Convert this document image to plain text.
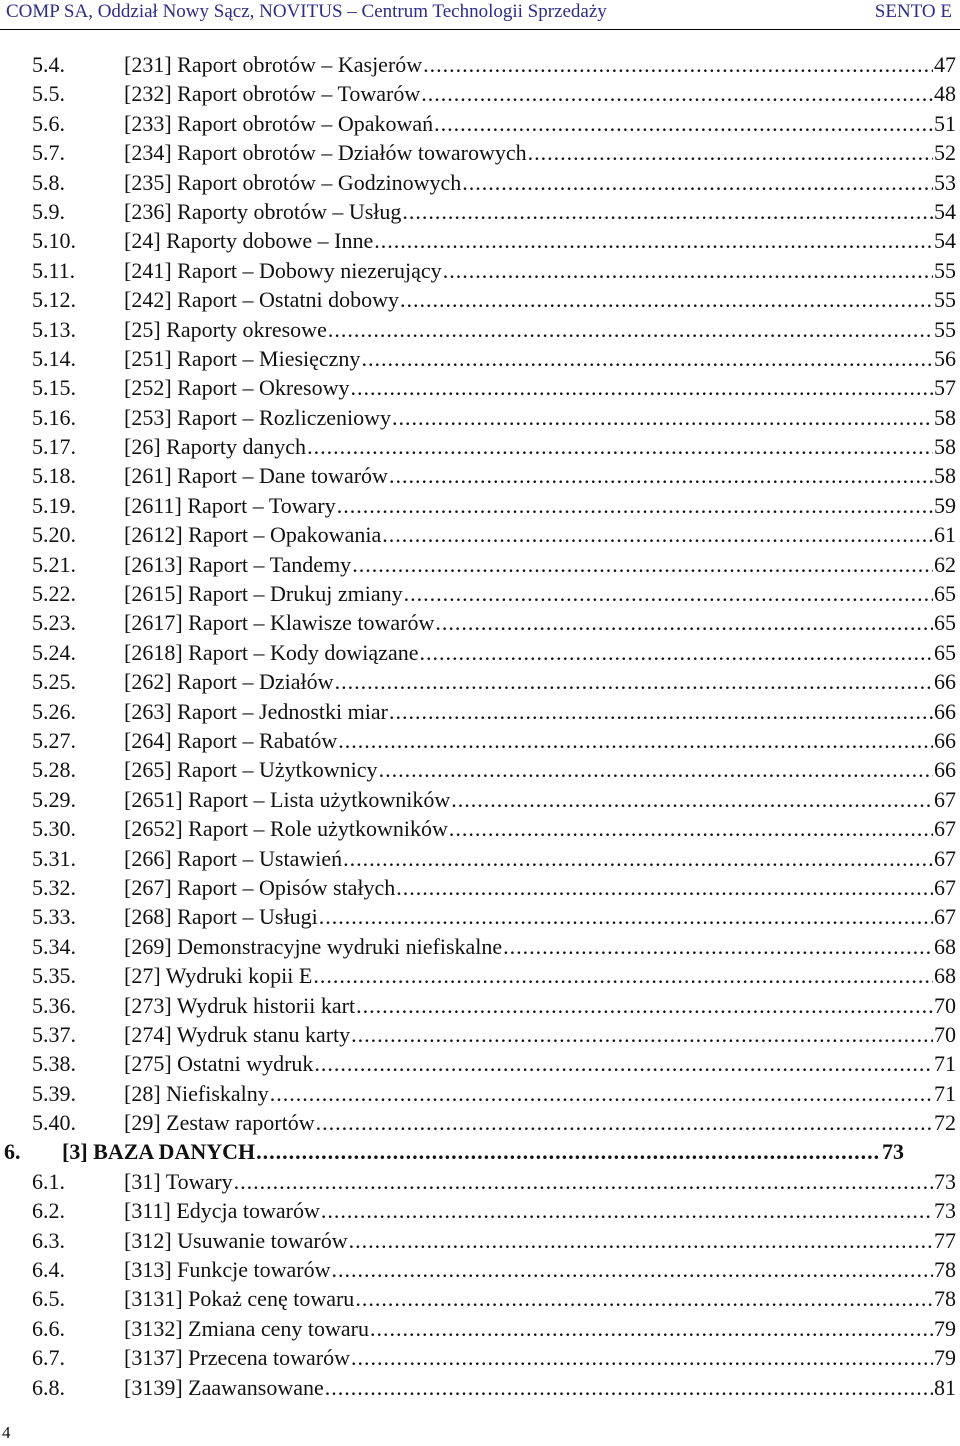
COMP SA, Oddział Nowy Sącz, NOVITUS – Centrum Technologii Sprzedaży	SENTO E
5.4.	[231] Raport obrotów – Kasjerów .....	47
5.5.	[232] Raport obrotów – Towarów .....	48
5.6.	[233] Raport obrotów – Opakowań .....	51
5.7.	[234] Raport obrotów – Działów towarowych .....	52
5.8.	[235] Raport obrotów – Godzinowych .....	53
5.9.	[236] Raporty obrotów – Usług .....	54
5.10. [24] Raporty dobowe – Inne .....	54
5.11. [241] Raport – Dobowy niezerujący .....	55
5.12. [242] Raport – Ostatni dobowy .....	55
5.13. [25] Raporty okresowe .....	55
5.14. [251] Raport – Miesięczny .....	56
5.15. [252] Raport – Okresowy .....	57
5.16. [253] Raport – Rozliczeniowy .....	58
5.17. [26] Raporty danych .....	58
5.18. [261] Raport – Dane towarów .....	58
5.19. [2611] Raport – Towary .....	59
5.20. [2612] Raport – Opakowania .....	61
5.21. [2613] Raport – Tandemy .....	62
5.22. [2615] Raport – Drukuj zmiany .....	65
5.23. [2617] Raport – Klawisze towarów .....	65
5.24. [2618] Raport – Kody dowiązane .....	65
5.25. [262] Raport – Działów .....	66
5.26. [263] Raport – Jednostki miar .....	66
5.27. [264] Raport – Rabatów .....	66
5.28. [265] Raport – Użytkownicy .....	66
5.29. [2651] Raport – Lista użytkowników .....	67
5.30. [2652] Raport – Role użytkowników .....	67
5.31. [266] Raport – Ustawień .....	67
5.32. [267] Raport – Opisów stałych .....	67
5.33. [268] Raport – Usługi .....	67
5.34. [269] Demonstracyjne wydruki niefiskalne .....	68
5.35. [27] Wydruki kopii E .....	68
5.36. [273] Wydruk historii kart .....	70
5.37. [274] Wydruk stanu karty .....	70
5.38. [275] Ostatni wydruk .....	71
5.39. [28] Niefiskalny .....	71
5.40. [29] Zestaw raportów .....	72
6. [3] BAZA DANYCH .....	73
6.1.	[31] Towary .....	73
6.2.	[311] Edycja towarów .....	73
6.3.	[312] Usuwanie towarów .....	77
6.4.	[313] Funkcje towarów .....	78
6.5.	[3131] Pokaż cenę towaru .....	78
6.6.	[3132] Zmiana ceny towaru .....	79
6.7.	[3137] Przecena towarów .....	79
6.8.	[3139] Zaawansowane .....	81
4
